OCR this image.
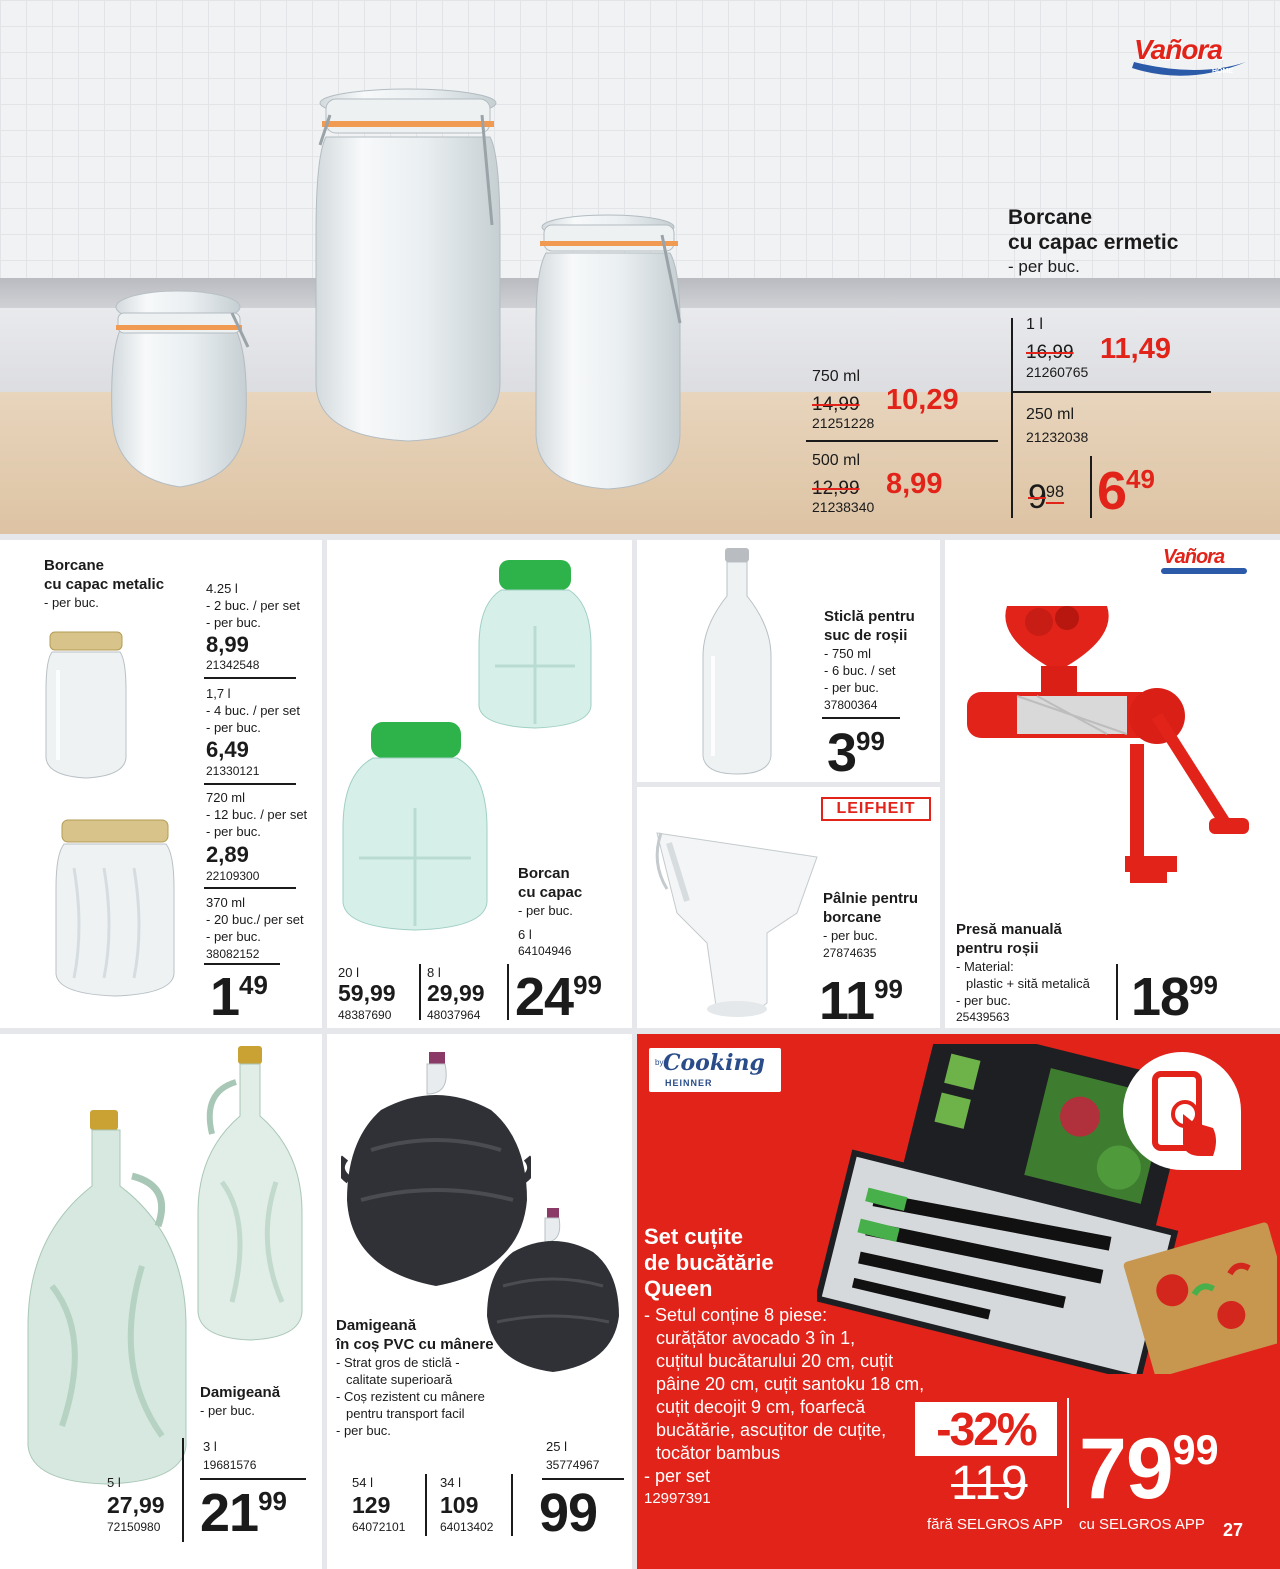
Vañora
HOME
Borcane
cu capac ermetic
- per buc.
1 l
16,99 11,49
21260765
250 ml
21232038
$9^{98}$ $6^{49}$
750 ml
14,99 10,29
21251228
500 ml
12,99 8,99
21238340
Borcane
cu capac metalic
- per buc.
4.25 l
- 2 buc. / per set
- per buc.
8,99
21342548
1,7 l
- 4 buc. / per set
- per buc.
6,49
21330121
720 ml
- 12 buc. / per set
- per buc.
2,89
22109300
370 ml
- 20 buc./ per set
- per buc.
38082152
$1^{49}$
Borcan
cu capac
- per buc.
6 l
64104946
20 l
59,99
48387690
8 l
29,99
48037964 $24^{99}$
Sticlă pentru
suc de roșii
- 750 ml
- 6 buc. / set
- per buc.
37800364
$3^{99}$
LEIFHEIT
Pâlnie pentru
borcane
- per buc.
27874635
$11^{99}$
Vañora
Presă manuală
pentru roșii
- Material:
plastic + sită metalică
- per buc.
25439563 $18^{99}$
Damigeană
- per buc.
3 l
19681576
5 l
27,99
72150980 $21^{99}$
Damigeană
în coș PVC cu mânere
- Strat gros de sticlă -
calitate superioară
- Coș rezistent cu mânere
pentru transport facil
- per buc.
25 l
35774967
54 l
129
64072101
34 l
109
64013402 99
by Cooking
HEINNER
Set cuțite
de bucătărie
Queen
- Setul conține 8 piese:
curățător avocado 3 în 1,
cuțitul bucătarului 20 cm, cuțit
pâine 20 cm, cuțit santoku 18 cm,
cuțit decojit 9 cm, foarfecă
bucătărie, ascuțitor de cuțite,
tocător bambus
- per set
12997391
-32%
119 $79^{99}$
fără SELGROS APP cu SELGROS APP 27
